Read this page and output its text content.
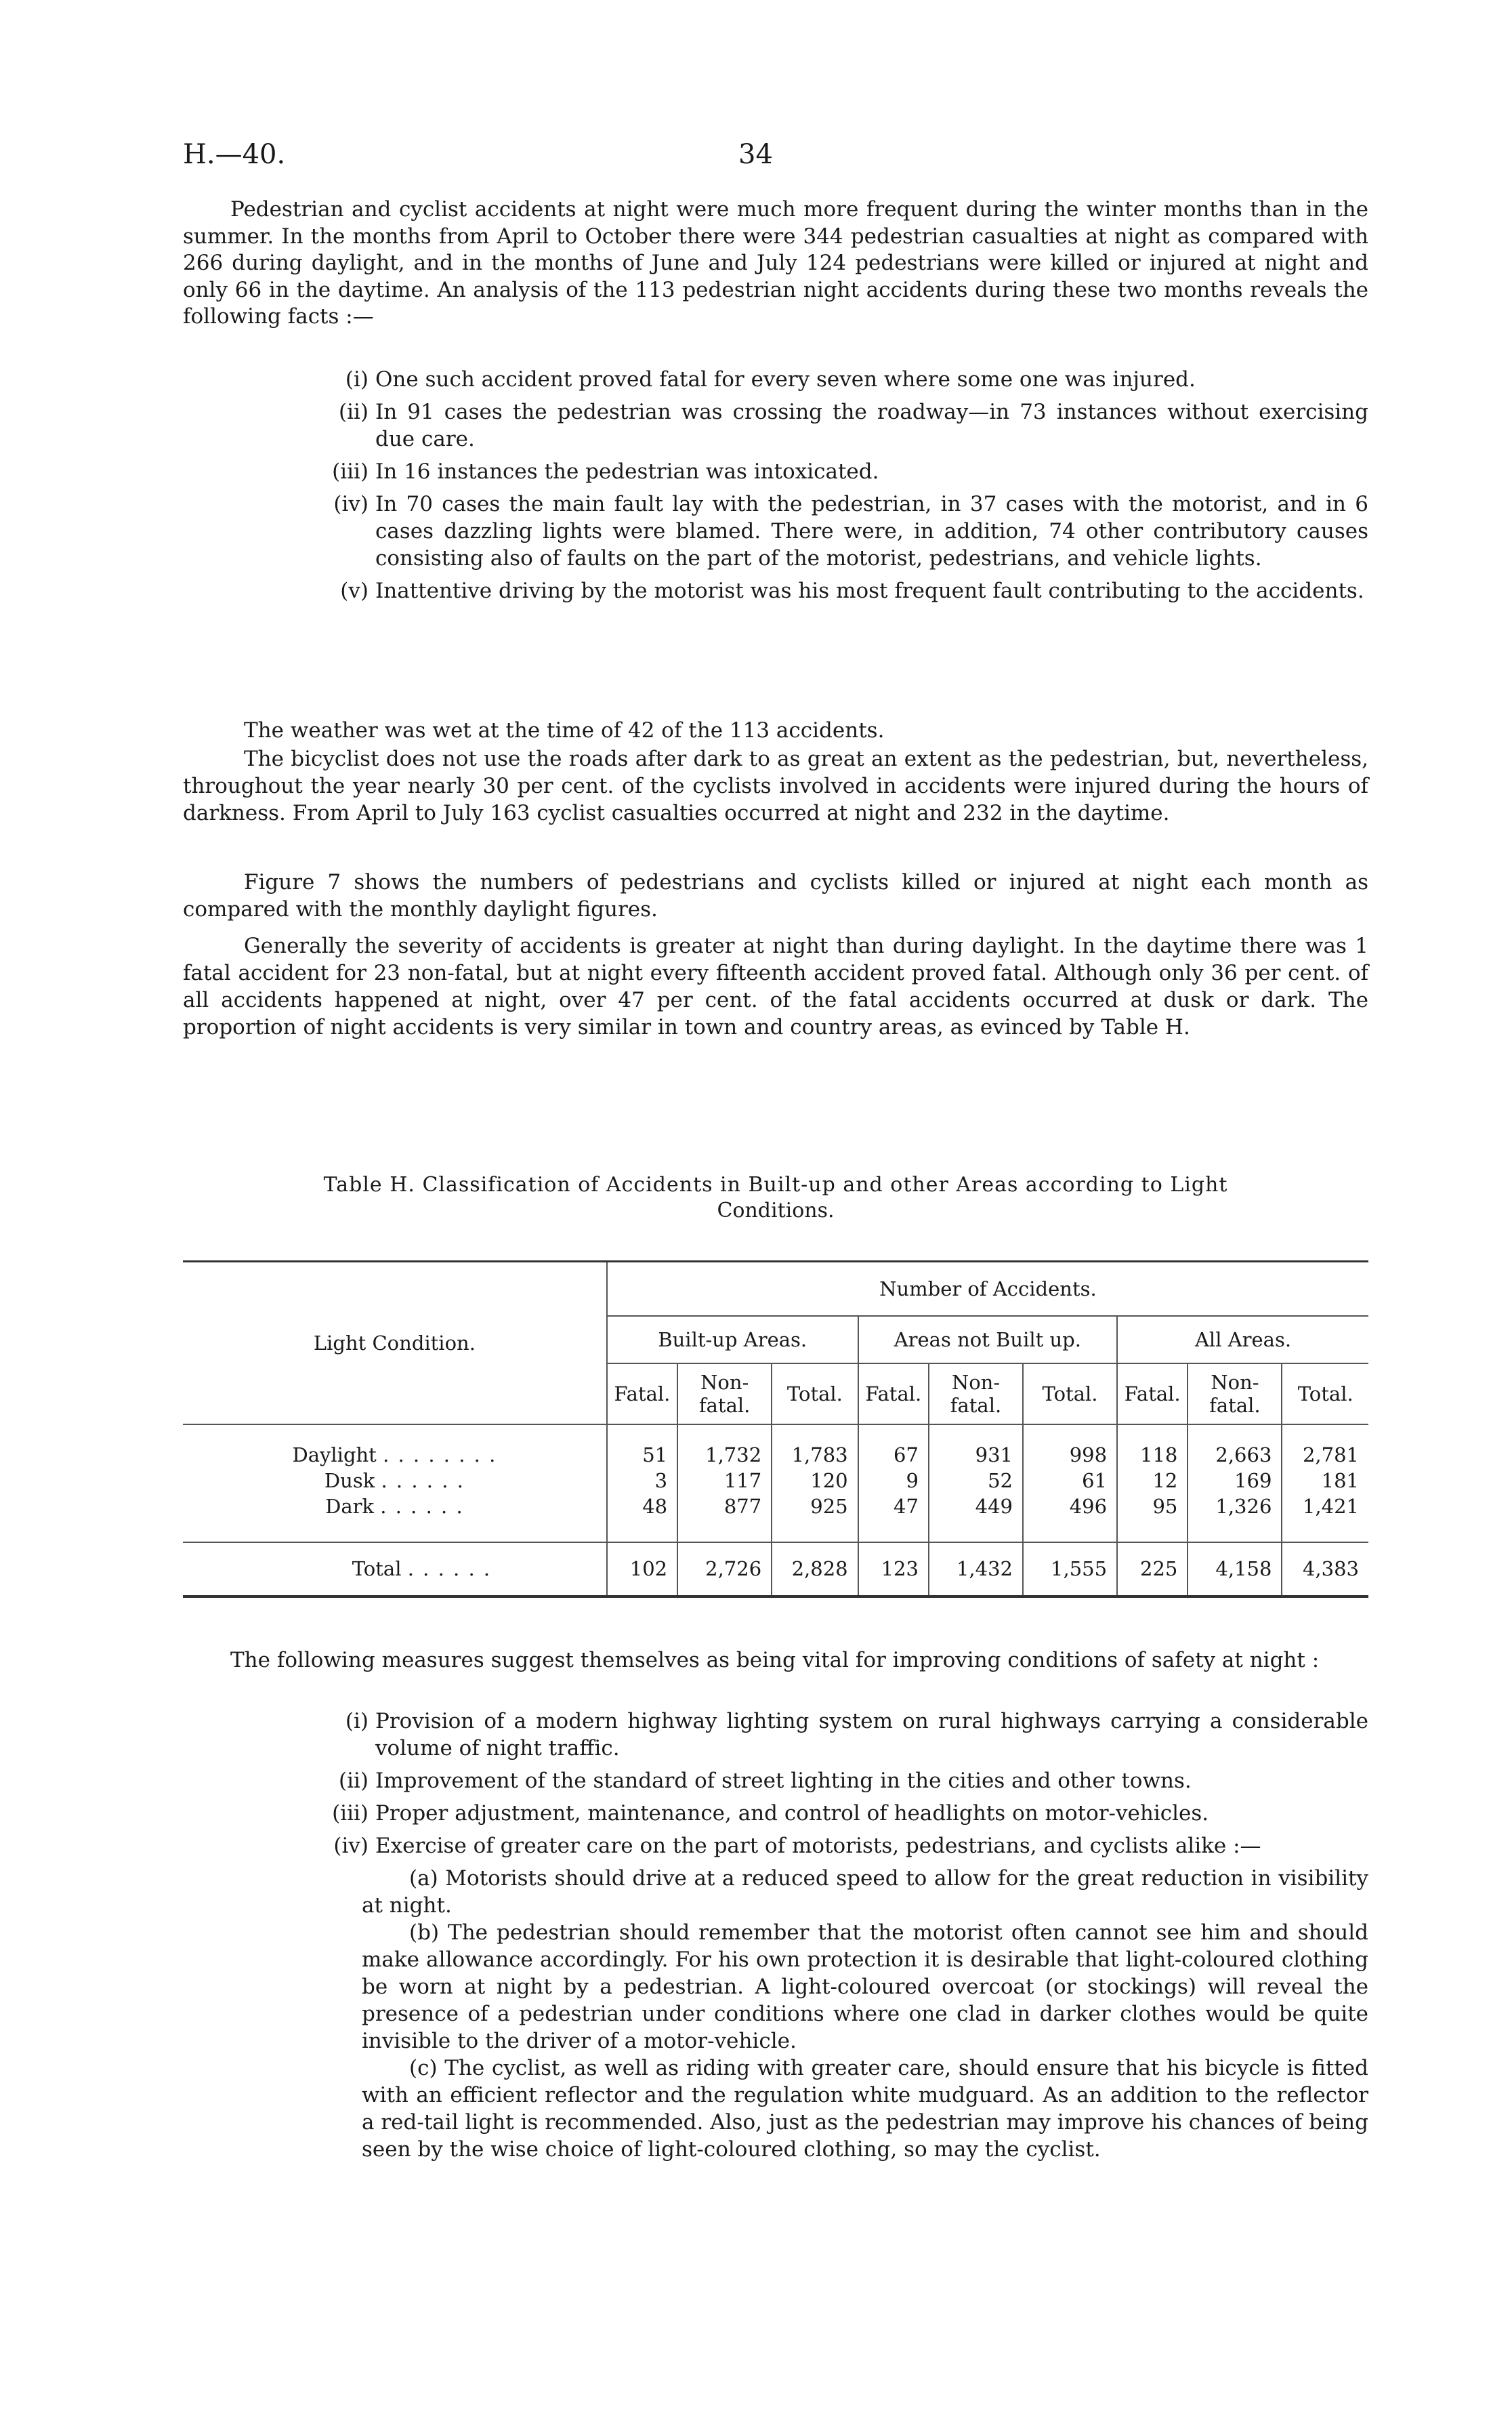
H.—40.	34

Pedestrian and cyclist accidents at night were much more frequent during the winter months than in the summer. In the months from April to October there were 344 pedestrian casualties at night as compared with 266 during daylight, and in the months of June and July 124 pedestrians were killed or injured at night and only 66 in the daytime. An analysis of the 113 pedestrian night accidents during these two months reveals the following facts :—

(i) One such accident proved fatal for every seven where some one was injured.
(ii) In 91 cases the pedestrian was crossing the roadway—in 73 instances without exercising due care.
(iii) In 16 instances the pedestrian was intoxicated.
(iv) In 70 cases the main fault lay with the pedestrian, in 37 cases with the motorist, and in 6 cases dazzling lights were blamed. There were, in addition, 74 other contributory causes consisting also of faults on the part of the motorist, pedestrians, and vehicle lights.
(v) Inattentive driving by the motorist was his most frequent fault contributing to the accidents.

The weather was wet at the time of 42 of the 113 accidents.

The bicyclist does not use the roads after dark to as great an extent as the pedestrian, but, nevertheless, throughout the year nearly 30 per cent. of the cyclists involved in accidents were injured during the hours of darkness. From April to July 163 cyclist casualties occurred at night and 232 in the daytime.

Figure 7 shows the numbers of pedestrians and cyclists killed or injured at night each month as compared with the monthly daylight figures.

Generally the severity of accidents is greater at night than during daylight. In the daytime there was 1 fatal accident for 23 non-fatal, but at night every fifteenth accident proved fatal. Although only 36 per cent. of all accidents happened at night, over 47 per cent. of the fatal accidents occurred at dusk or dark. The proportion of night accidents is very similar in town and country areas, as evinced by Table H.

Table H. Classification of Accidents in Built-up and other Areas according to Light
Conditions.
Light Condition.	Number of Accidents.								
	Built-up Areas.			Areas not Built up.			All Areas.		
	Fatal.	Non-fatal.	Total.	Fatal.	Non-fatal.	Total.	Fatal.	Non-fatal.	Total.

Daylight . . . . . . . .	51	1,732	1,783	67	931	998	118	2,663	2,781
Dusk . . . . . .	3	117	120	9	52	61	12	169	181
Dark . . . . . .	48	877	925	47	449	496	95	1,326	1,421

Total . . . . . .	102	2,726	2,828	123	1,432	1,555	225	4,158	4,383

The following measures suggest themselves as being vital for improving conditions of safety at night :

(i) Provision of a modern highway lighting system on rural highways carrying a considerable volume of night traffic.
(ii) Improvement of the standard of street lighting in the cities and other towns.
(iii) Proper adjustment, maintenance, and control of headlights on motor-vehicles.
(iv) Exercise of greater care on the part of motorists, pedestrians, and cyclists alike :—

(a) Motorists should drive at a reduced speed to allow for the great reduction in visibility at night.

(b) The pedestrian should remember that the motorist often cannot see him and should make allowance accordingly. For his own protection it is desirable that light-coloured clothing be worn at night by a pedestrian. A light-coloured overcoat (or stockings) will reveal the presence of a pedestrian under conditions where one clad in darker clothes would be quite invisible to the driver of a motor-vehicle.

(c) The cyclist, as well as riding with greater care, should ensure that his bicycle is fitted with an efficient reflector and the regulation white mudguard. As an addition to the reflector a red-tail light is recommended. Also, just as the pedestrian may improve his chances of being seen by the wise choice of light-coloured clothing, so may the cyclist.
